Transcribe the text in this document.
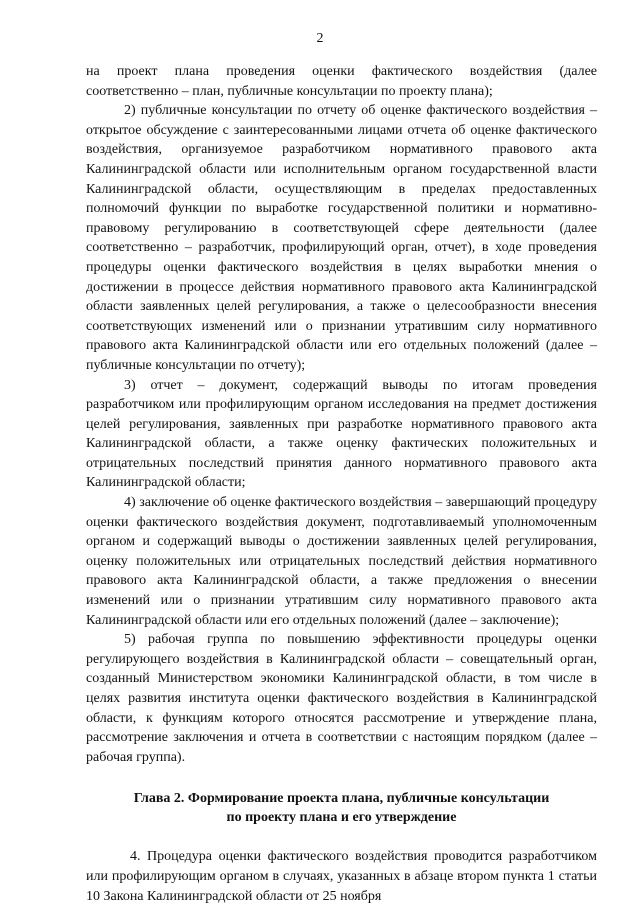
2

на проект плана проведения оценки фактического воздействия (далее соответственно – план, публичные консультации по проекту плана);

2) публичные консультации по отчету об оценке фактического воздействия – открытое обсуждение с заинтересованными лицами отчета об оценке фактического воздействия, организуемое разработчиком нормативного правового акта Калининградской области или исполнительным органом государственной власти Калининградской области, осуществляющим в пределах предоставленных полномочий функции по выработке государственной политики и нормативно-правовому регулированию в соответствующей сфере деятельности (далее соответственно – разработчик, профилирующий орган, отчет), в ходе проведения процедуры оценки фактического воздействия в целях выработки мнения о достижении в процессе действия нормативного правового акта Калининградской области заявленных целей регулирования, а также о целесообразности внесения соответствующих изменений или о признании утратившим силу нормативного правового акта Калининградской области или его отдельных положений (далее – публичные консультации по отчету);

3) отчет – документ, содержащий выводы по итогам проведения разработчиком или профилирующим органом исследования на предмет достижения целей регулирования, заявленных при разработке нормативного правового акта Калининградской области, а также оценку фактических положительных и отрицательных последствий принятия данного нормативного правового акта Калининградской области;

4) заключение об оценке фактического воздействия – завершающий процедуру оценки фактического воздействия документ, подготавливаемый уполномоченным органом и содержащий выводы о достижении заявленных целей регулирования, оценку положительных или отрицательных последствий действия нормативного правового акта Калининградской области, а также предложения о внесении изменений или о признании утратившим силу нормативного правового акта Калининградской области или его отдельных положений (далее – заключение);

5) рабочая группа по повышению эффективности процедуры оценки регулирующего воздействия в Калининградской области – совещательный орган, созданный Министерством экономики Калининградской области, в том числе в целях развития института оценки фактического воздействия в Калининградской области, к функциям которого относятся рассмотрение и утверждение плана, рассмотрение заключения и отчета в соответствии с настоящим порядком (далее – рабочая группа).

Глава 2. Формирование проекта плана, публичные консультации
по проекту плана и его утверждение

4. Процедура оценки фактического воздействия проводится разработчиком или профилирующим органом в случаях, указанных в абзаце втором пункта 1 статьи 10 Закона Калининградской области от 25 ноября
